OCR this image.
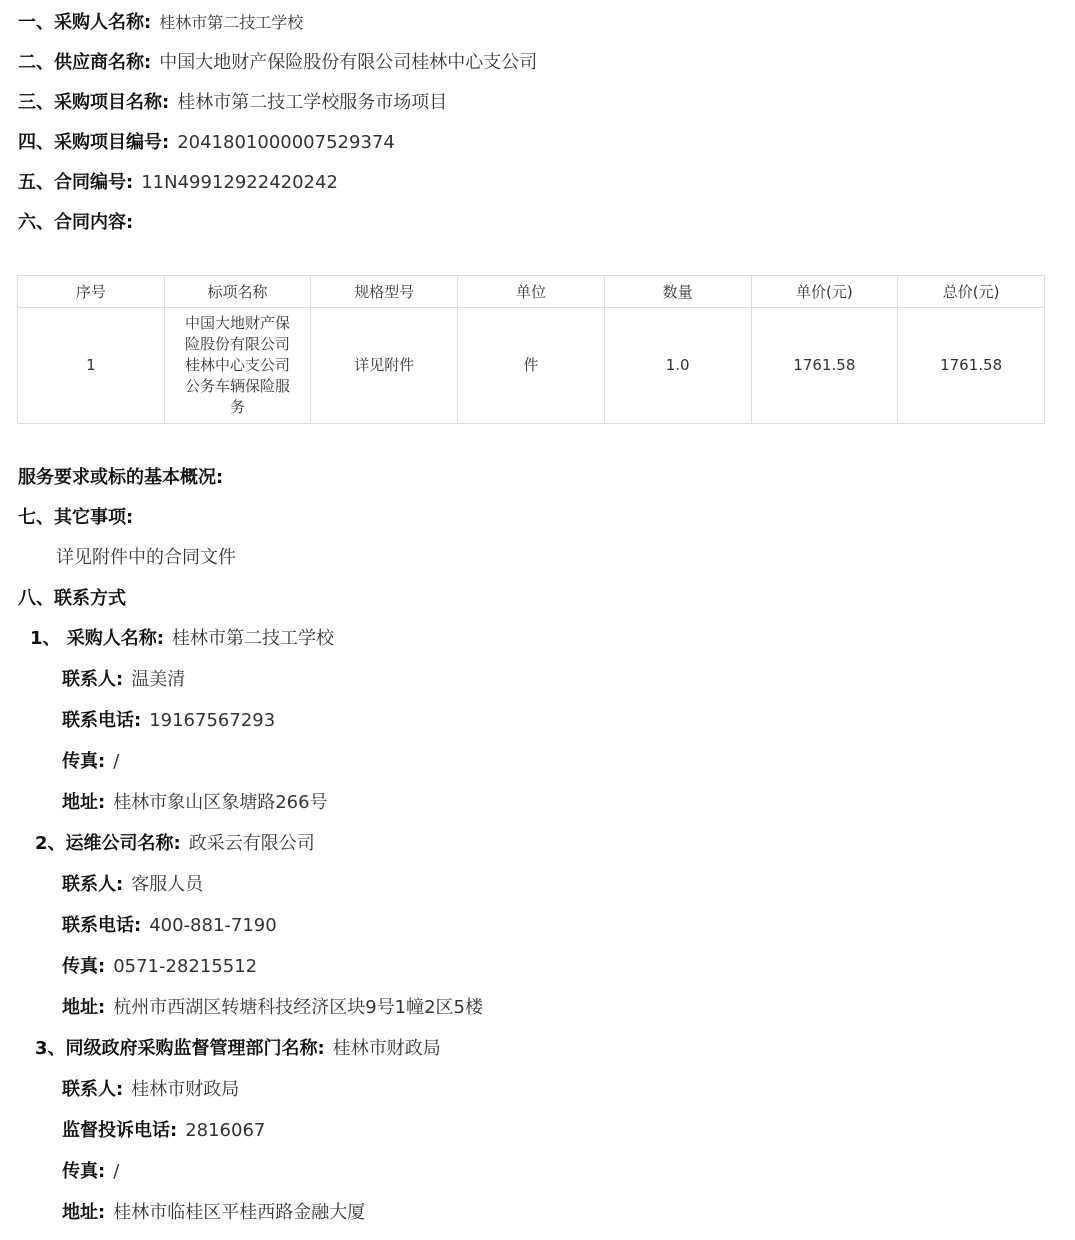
一、采购人名称: 桂林市第二技工学校
二、供应商名称: 中国大地财产保险股份有限公司桂林中心支公司
三、采购项目名称: 桂林市第二技工学校服务市场项目
四、采购项目编号: 2041801000007529374
五、合同编号: 11N49912922420242
六、合同内容:
序号	标项名称	规格型号	单位	数量	单价(元)	总价(元)
1	中国大地财产保险股份有限公司桂林中心支公司公务车辆保险服务	详见附件	件	1.0	1761.58	1761.58
服务要求或标的基本概况:
七、其它事项:
详见附件中的合同文件
八、联系方式
1、 采购人名称: 桂林市第二技工学校
联系人: 温美清
联系电话: 19167567293
传真: /
地址: 桂林市象山区象塘路266号
2、运维公司名称: 政采云有限公司
联系人: 客服人员
联系电话: 400-881-7190
传真: 0571-28215512
地址: 杭州市西湖区转塘科技经济区块9号1幢2区5楼
3、同级政府采购监督管理部门名称: 桂林市财政局
联系人: 桂林市财政局
监督投诉电话: 2816067
传真: /
地址: 桂林市临桂区平桂西路金融大厦
